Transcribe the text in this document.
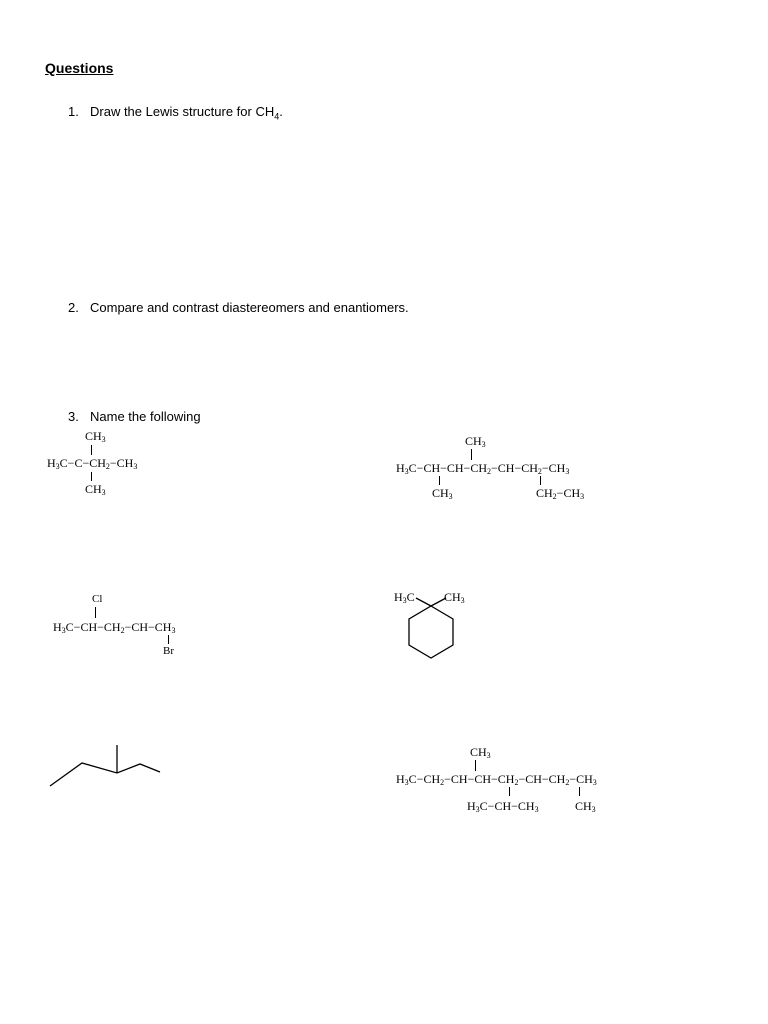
Questions
1. Draw the Lewis structure for $CH_4$.
2. Compare and contrast diastereomers and enantiomers.
3. Name the following
$CH_3$
$H_3C-C-CH_2-CH_3$
$CH_3$
$CH_3$
$H_3C-CH-CH-CH_2-CH-CH_2-CH_3$
$CH_3$	$CH_2-CH_3$
Cl
$H_3C-CH-CH_2-CH-CH_3$
Br
$H_3C$ $CH_3$
$CH_3$
$H_3C-CH_2-CH-CH-CH_2-CH-CH_2-CH_3$
$H_3C-CH-CH_3$	$CH_3$
